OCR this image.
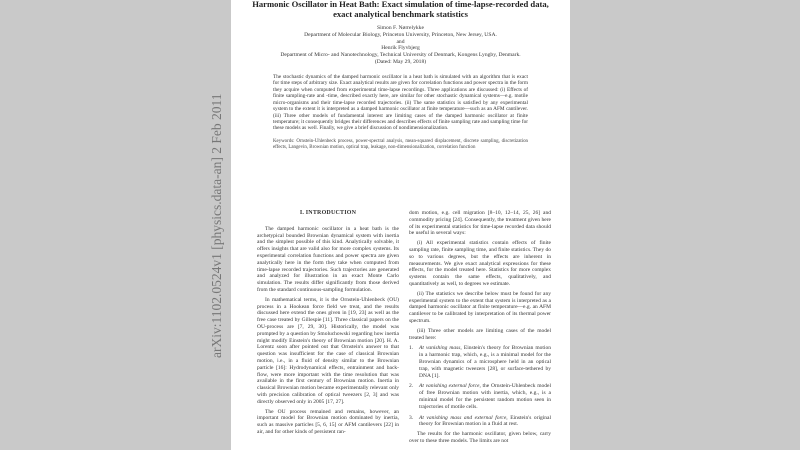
Harmonic Oscillator in Heat Bath: Exact simulation of time-lapse-recorded data,
exact analytical benchmark statistics
Simon F. Nørrelykke
Department of Molecular Biology, Princeton University, Princeton, New Jersey, USA.
and
Henrik Flyvbjerg
Department of Micro- and Nanotechnology, Technical University of Denmark, Kongens Lyngby, Denmark.
(Dated: May 29, 2018)
The stochastic dynamics of the damped harmonic oscillator in a heat bath is simulated with an algorithm that is exact for time steps of arbitrary size. Exact analytical results are given for correlation functions and power spectra in the form they acquire when computed from experimental time-lapse recordings. Three applications are discussed: (i) Effects of finite sampling-rate and -time, described exactly here, are similar for other stochastic dynamical systems—e.g. motile micro-organisms and their time-lapse recorded trajectories. (ii) The same statistics is satisfied by any experimental system to the extent it is interpreted as a damped harmonic oscillator at finite temperature—such as an AFM cantilever. (iii) Three other models of fundamental interest are limiting cases of the damped harmonic oscillator at finite temperature; it consequently bridges their differences and describes effects of finite sampling rate and sampling time for these models as well. Finally, we give a brief discussion of nondimensionalization.
Keywords: Ornstein-Uhlenbeck process, power-spectral analysis, mean-squared displacement, discrete sampling, discretization effects, Langevin, Brownian motion, optical trap, leakage, non-dimensionalization, correlation function
I. INTRODUCTION

The damped harmonic oscillator in a heat bath is the archetypical bounded Brownian dynamical system with inertia and the simplest possible of this kind. Analytically solvable, it offers insights that are valid also for more complex systems. Its experimental correlation functions and power spectra are given analytically here in the form they take when computed from time-lapse recorded trajectories. Such trajectories are generated and analyzed for illustration in an exact Monte Carlo simulation. The results differ significantly from those derived from the standard continuous-sampling formulation.

In mathematical terms, it is the Ornstein-Uhlenbeck (OU) process in a Hookean force field we treat, and the results discussed here extend the ones given in [19, 23] as well as the free case treated by Gillespie [11]. Three classical papers on the OU-process are [7, 29, 30]. Historically, the model was prompted by a question by Smoluchowski regarding how inertia might modify Einstein's theory of Brownian motion [20]. H. A. Lorentz soon after pointed out that Ornstein's answer to that question was insufficient for the case of classical Brownian motion, i.e., in a fluid of density similar to the Brownian particle [16]: Hydrodynamical effects, entrainment and back-flow, were more important with the time resolution that was available in the first century of Brownian motion. Inertia in classical Brownian motion became experimentally relevant only with precision calibration of optical tweezers [2, 3] and was directly observed only in 2005 [17, 27].

The OU process remained and remains, however, an important model for Brownian motion dominated by inertia, such as massive particles [5, 6, 15] or AFM cantilevers [22] in air, and for other kinds of persistent ran-

dom motion, e.g. cell migration [8–10, 12–14, 25, 26] and commodity pricing [24]. Consequently, the treatment given here of its experimental statistics for time-lapse recorded data should be useful in several ways:

(i) All experimental statistics contain effects of finite sampling rate, finite sampling time, and finite statistics. They do so to various degrees, but the effects are inherent in measurements. We give exact analytical expressions for these effects, for the model treated here. Statistics for more complex systems contain the same effects, qualitatively, and quantitatively as well, to degrees we estimate.

(ii) The statistics we describe below must be found for any experimental system to the extent that system is interpreted as a damped harmonic oscillator at finite temperature—e.g. an AFM cantilever to be calibrated by interpretation of its thermal power spectrum.

(iii) Three other models are limiting cases of the model treated here:

1.	At vanishing mass, Einstein's theory for Brownian motion in a harmonic trap, which, e.g., is a minimal model for the Brownian dynamics of a microsphere held in an optical trap, with magnetic tweezers [28], or surface-tethered by DNA [1].
2.	At vanishing external force, the Ornstein-Uhlenbeck model of free Brownian motion with inertia, which, e.g., is a minimal model for the persistent random motion seen in trajectories of motile cells.
3.	At vanishing mass and external force, Einstein's original theory for Brownian motion in a fluid at rest.

The results for the harmonic oscillator, given below, carry over to these three models. The limits are not

arXiv:1102.0524v1 [physics.data-an] 2 Feb 2011
